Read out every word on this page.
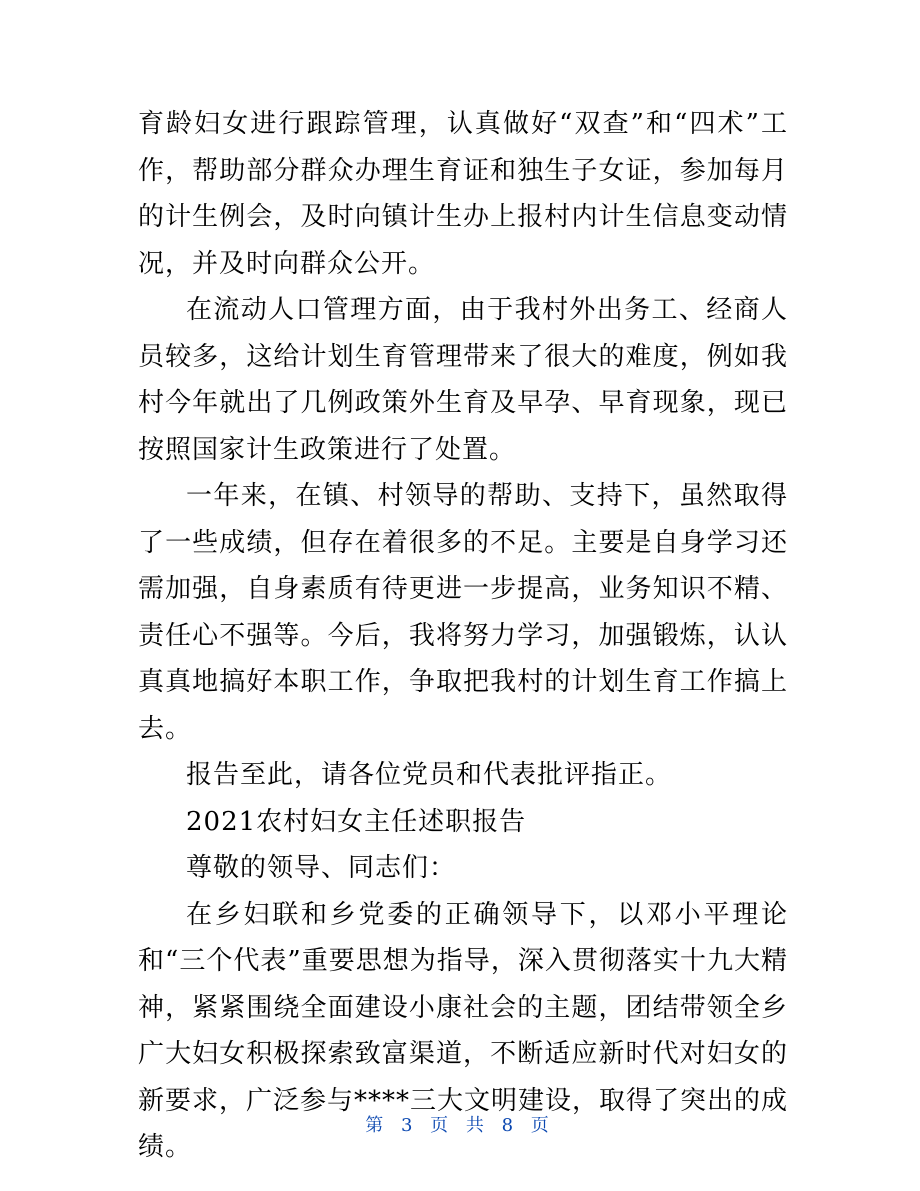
育龄妇女进行跟踪管理，认真做好“双查”和“四术”工作，帮助部分群众办理生育证和独生子女证，参加每月的计生例会，及时向镇计生办上报村内计生信息变动情况，并及时向群众公开。

在流动人口管理方面，由于我村外出务工、经商人员较多，这给计划生育管理带来了很大的难度，例如我村今年就出了几例政策外生育及早孕、早育现象，现已按照国家计生政策进行了处置。

一年来，在镇、村领导的帮助、支持下，虽然取得了一些成绩，但存在着很多的不足。主要是自身学习还需加强，自身素质有待更进一步提高，业务知识不精、责任心不强等。今后，我将努力学习，加强锻炼，认认真真地搞好本职工作，争取把我村的计划生育工作搞上去。

报告至此，请各位党员和代表批评指正。

2021农村妇女主任述职报告

尊敬的领导、同志们：

在乡妇联和乡党委的正确领导下，以邓小平理论和“三个代表”重要思想为指导，深入贯彻落实十九大精神，紧紧围绕全面建设小康社会的主题，团结带领全乡广大妇女积极探索致富渠道，不断适应新时代对妇女的新要求，广泛参与****三大文明建设，取得了突出的成绩。

第 3 页 共 8 页
